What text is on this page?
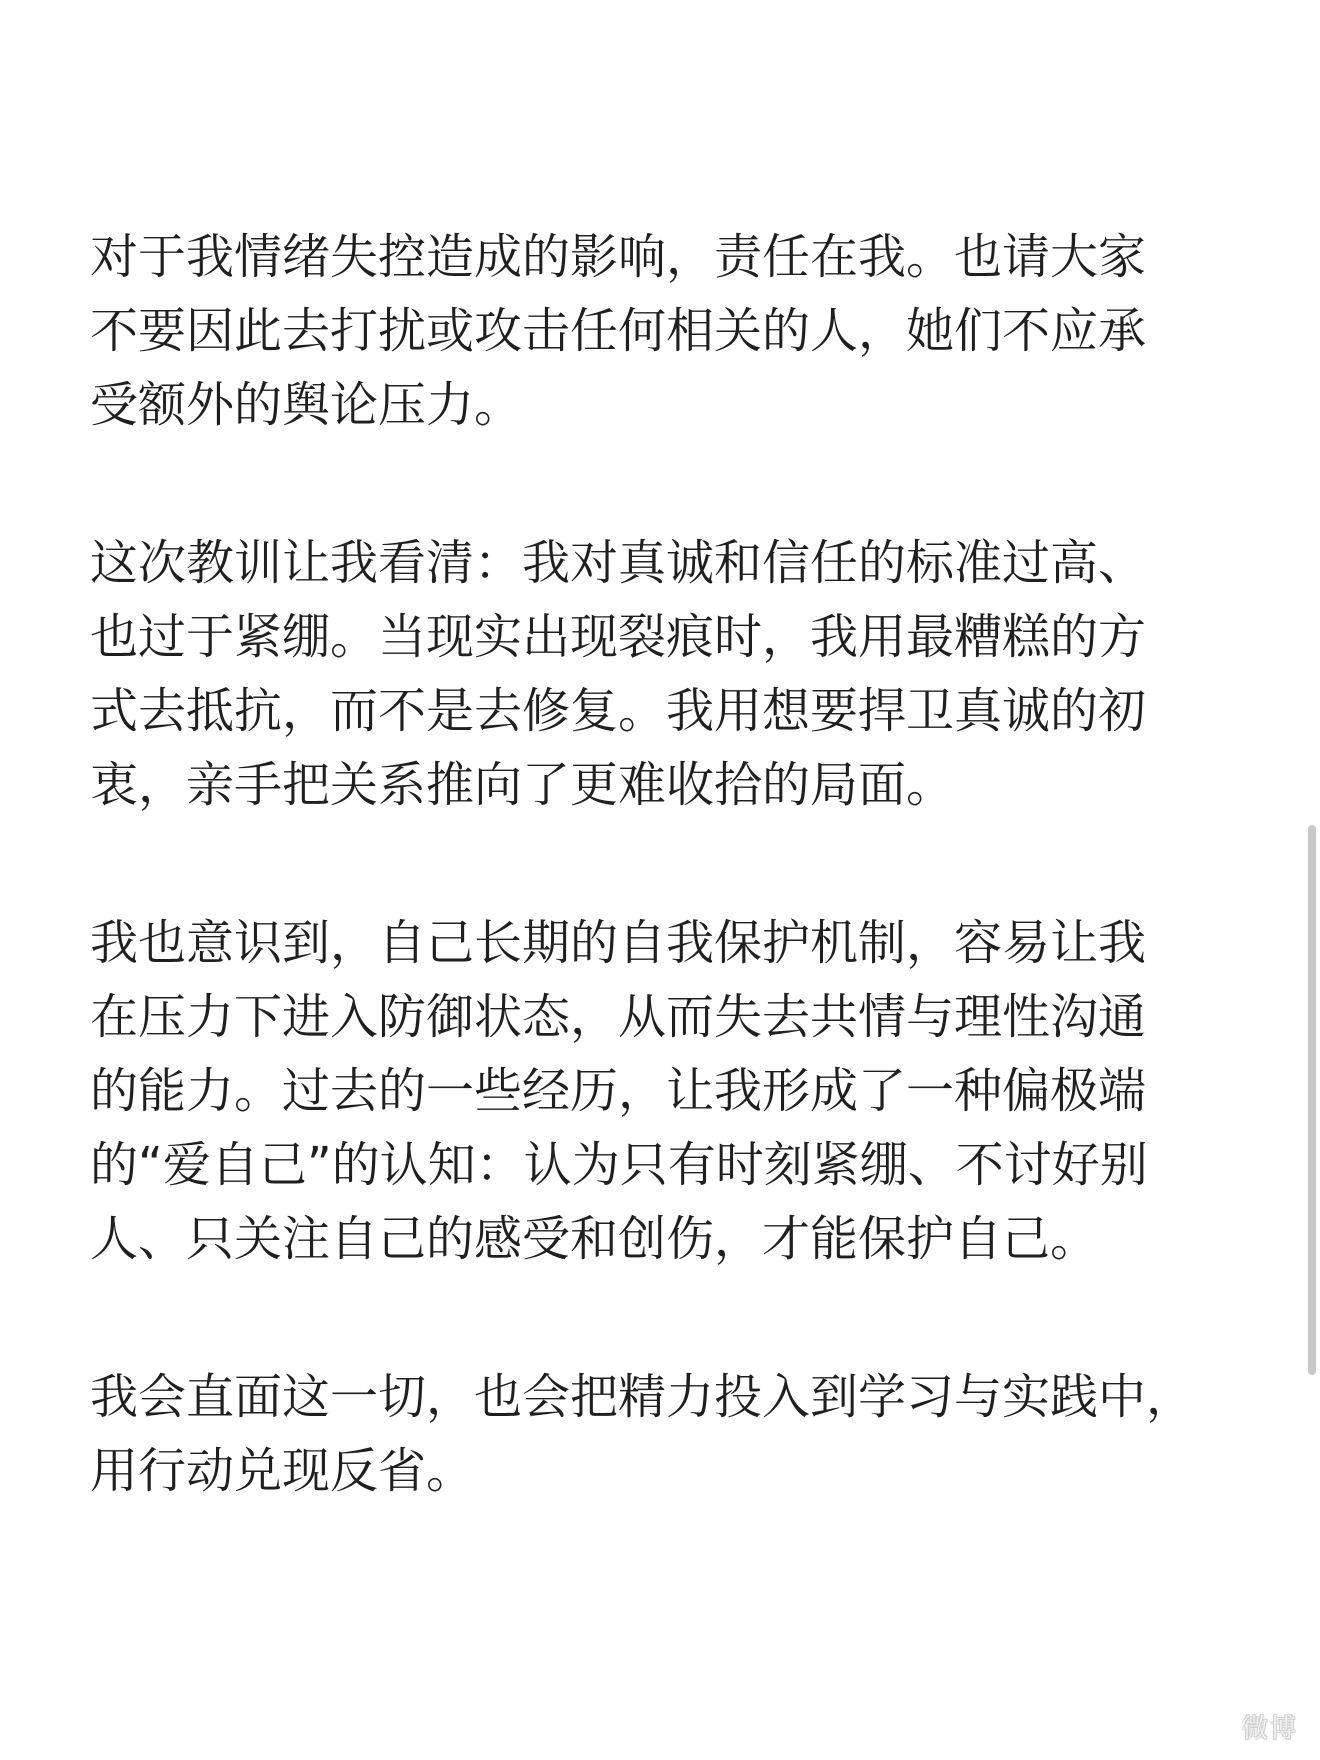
对于我情绪失控造成的影响，责任在我。也请大家
不要因此去打扰或攻击任何相关的人，她们不应承
受额外的舆论压力。

这次教训让我看清：我对真诚和信任的标准过高、
也过于紧绷。当现实出现裂痕时，我用最糟糕的方
式去抵抗，而不是去修复。我用想要捍卫真诚的初
衷，亲手把关系推向了更难收拾的局面。

我也意识到，自己长期的自我保护机制，容易让我
在压力下进入防御状态，从而失去共情与理性沟通
的能力。过去的一些经历，让我形成了一种偏极端
的“爱自己”的认知：认为只有时刻紧绷、不讨好别
人、只关注自己的感受和创伤，才能保护自己。

我会直面这一切，也会把精力投入到学习与实践中，
用行动兑现反省。

微博
